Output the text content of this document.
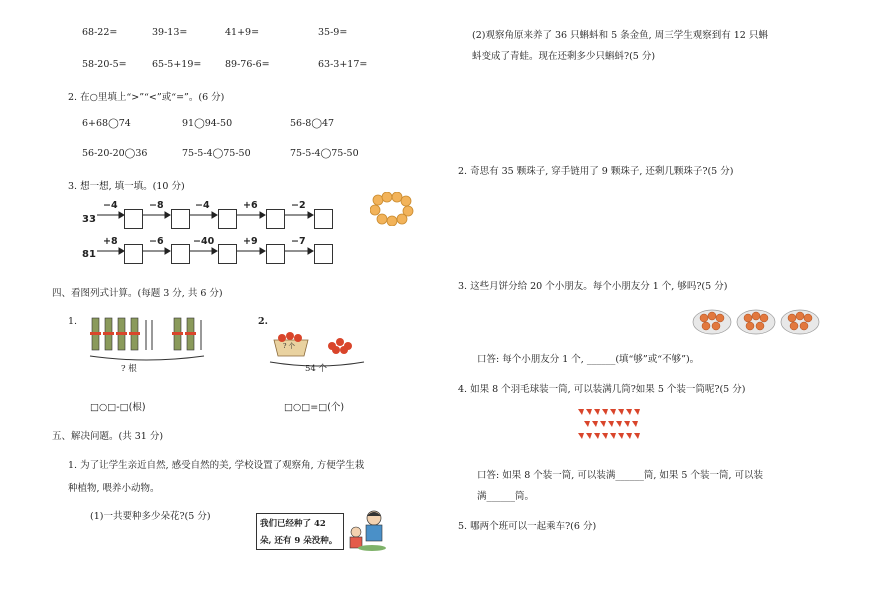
68-22=	39-13=	41+9=	35-9=
58-20-5=	65-5+19= 89-76-6=	63-3+17=
2. 在○里填上“>”“<”或“=”。(6 分)
6+68◯74	91◯94-50	56-8◯47
56-20-20◯36	75-5-4◯75-50	75-5-4◯75-50
3. 想一想, 填一填。(10 分)
33
−4	−8	−4	+6	−2
81
+8	−6	−40	+9	−7
四、看图列式计算。(每题 3 分, 共 6 分)
1.
? 根
□○□-□(根)
2.
? 个
54 个
□○□=□(个)
五、解决问题。(共 31 分)
1. 为了让学生亲近自然, 感受自然的美, 学校设置了观察角, 方便学生栽
种植物, 喂养小动物。
(1)一共要种多少朵花?(5 分)
我们已经种了 42
朵, 还有 9 朵没种。
(2)观察角原来养了 36 只蝌蚪和 5 条金鱼, 周三学生观察到有 12 只蝌
蚪变成了青蛙。现在还剩多少只蝌蚪?(5 分)
2. 奇思有 35 颗珠子, 穿手链用了 9 颗珠子, 还剩几颗珠子?(5 分)
3. 这些月饼分给 20 个小朋友。每个小朋友分 1 个, 够吗?(5 分)
口答: 每个小朋友分 1 个, ______(填“够”或“不够”)。
4. 如果 8 个羽毛球装一筒, 可以装满几筒?如果 5 个装一筒呢?(5 分)
口答: 如果 8 个装一筒, 可以装满______筒, 如果 5 个装一筒, 可以装
满______筒。
5. 哪两个班可以一起乘车?(6 分)
